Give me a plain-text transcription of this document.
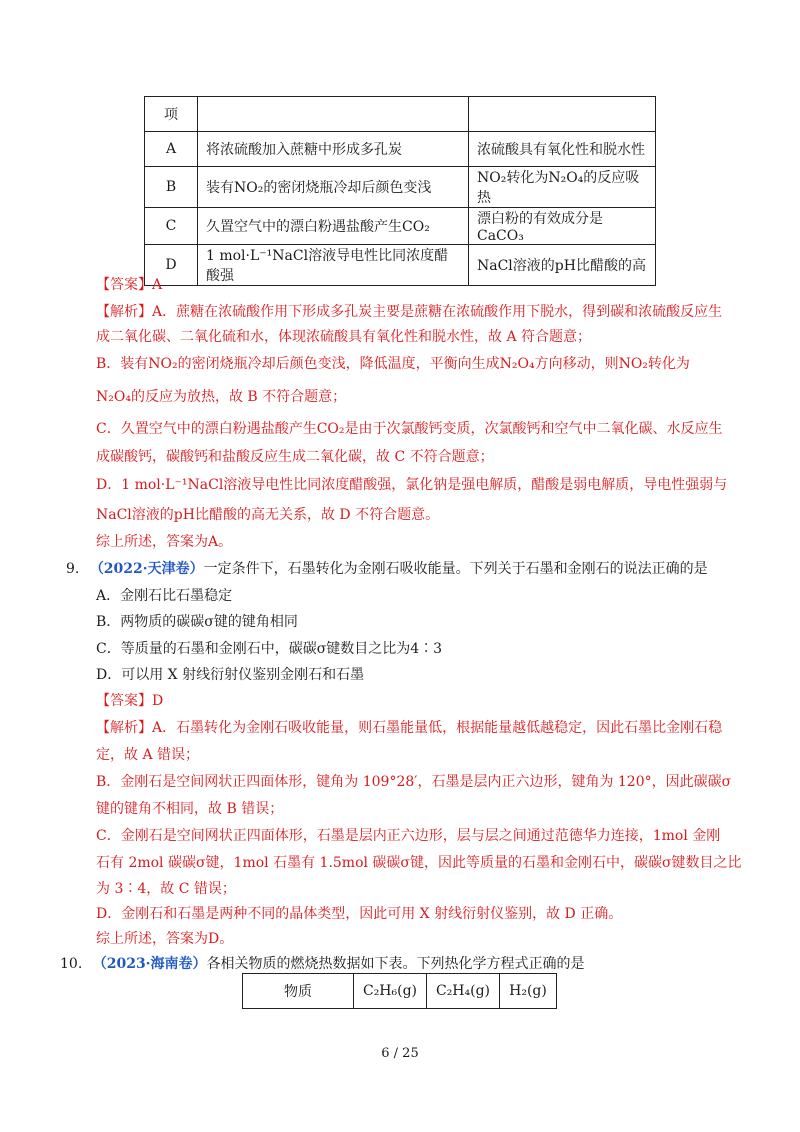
项		
A	将浓硫酸加入蔗糖中形成多孔炭	浓硫酸具有氧化性和脱水性
B	装有NO₂的密闭烧瓶冷却后颜色变浅	NO₂转化为N₂O₄的反应吸热
C	久置空气中的漂白粉遇盐酸产生CO₂	漂白粉的有效成分是CaCO₃
D	1 mol·L⁻¹NaCl溶液导电性比同浓度醋酸强	NaCl溶液的pH比醋酸的高
【答案】A
【解析】A．蔗糖在浓硫酸作用下形成多孔炭主要是蔗糖在浓硫酸作用下脱水，得到碳和浓硫酸反应生
成二氧化碳、二氧化硫和水，体现浓硫酸具有氧化性和脱水性，故 A 符合题意；
B．装有NO₂的密闭烧瓶冷却后颜色变浅，降低温度，平衡向生成N₂O₄方向移动，则NO₂转化为
N₂O₄的反应为放热，故 B 不符合题意；
C．久置空气中的漂白粉遇盐酸产生CO₂是由于次氯酸钙变质，次氯酸钙和空气中二氧化碳、水反应生
成碳酸钙，碳酸钙和盐酸反应生成二氧化碳，故 C 不符合题意；
D．1 mol·L⁻¹NaCl溶液导电性比同浓度醋酸强，氯化钠是强电解质，醋酸是弱电解质，导电性强弱与
NaCl溶液的pH比醋酸的高无关系，故 D 不符合题意。
综上所述，答案为A。
9. （2022·天津卷）一定条件下，石墨转化为金刚石吸收能量。下列关于石墨和金刚石的说法正确的是
A．金刚石比石墨稳定
B．两物质的碳碳σ键的键角相同
C．等质量的石墨和金刚石中，碳碳σ键数目之比为4∶3
D．可以用 X 射线衍射仪鉴别金刚石和石墨
【答案】D
【解析】A．石墨转化为金刚石吸收能量，则石墨能量低，根据能量越低越稳定，因此石墨比金刚石稳
定，故 A 错误；
B．金刚石是空间网状正四面体形，键角为 109°28′，石墨是层内正六边形，键角为 120°，因此碳碳σ
键的键角不相同，故 B 错误；
C．金刚石是空间网状正四面体形，石墨是层内正六边形，层与层之间通过范德华力连接，1mol 金刚
石有 2mol 碳碳σ键，1mol 石墨有 1.5mol 碳碳σ键，因此等质量的石墨和金刚石中，碳碳σ键数目之比
为 3∶4，故 C 错误；
D．金刚石和石墨是两种不同的晶体类型，因此可用 X 射线衍射仪鉴别，故 D 正确。
综上所述，答案为D。
10. （2023·海南卷）各相关物质的燃烧热数据如下表。下列热化学方程式正确的是
物质	C₂H₆(g)	C₂H₄(g)	H₂(g)
6 / 25
